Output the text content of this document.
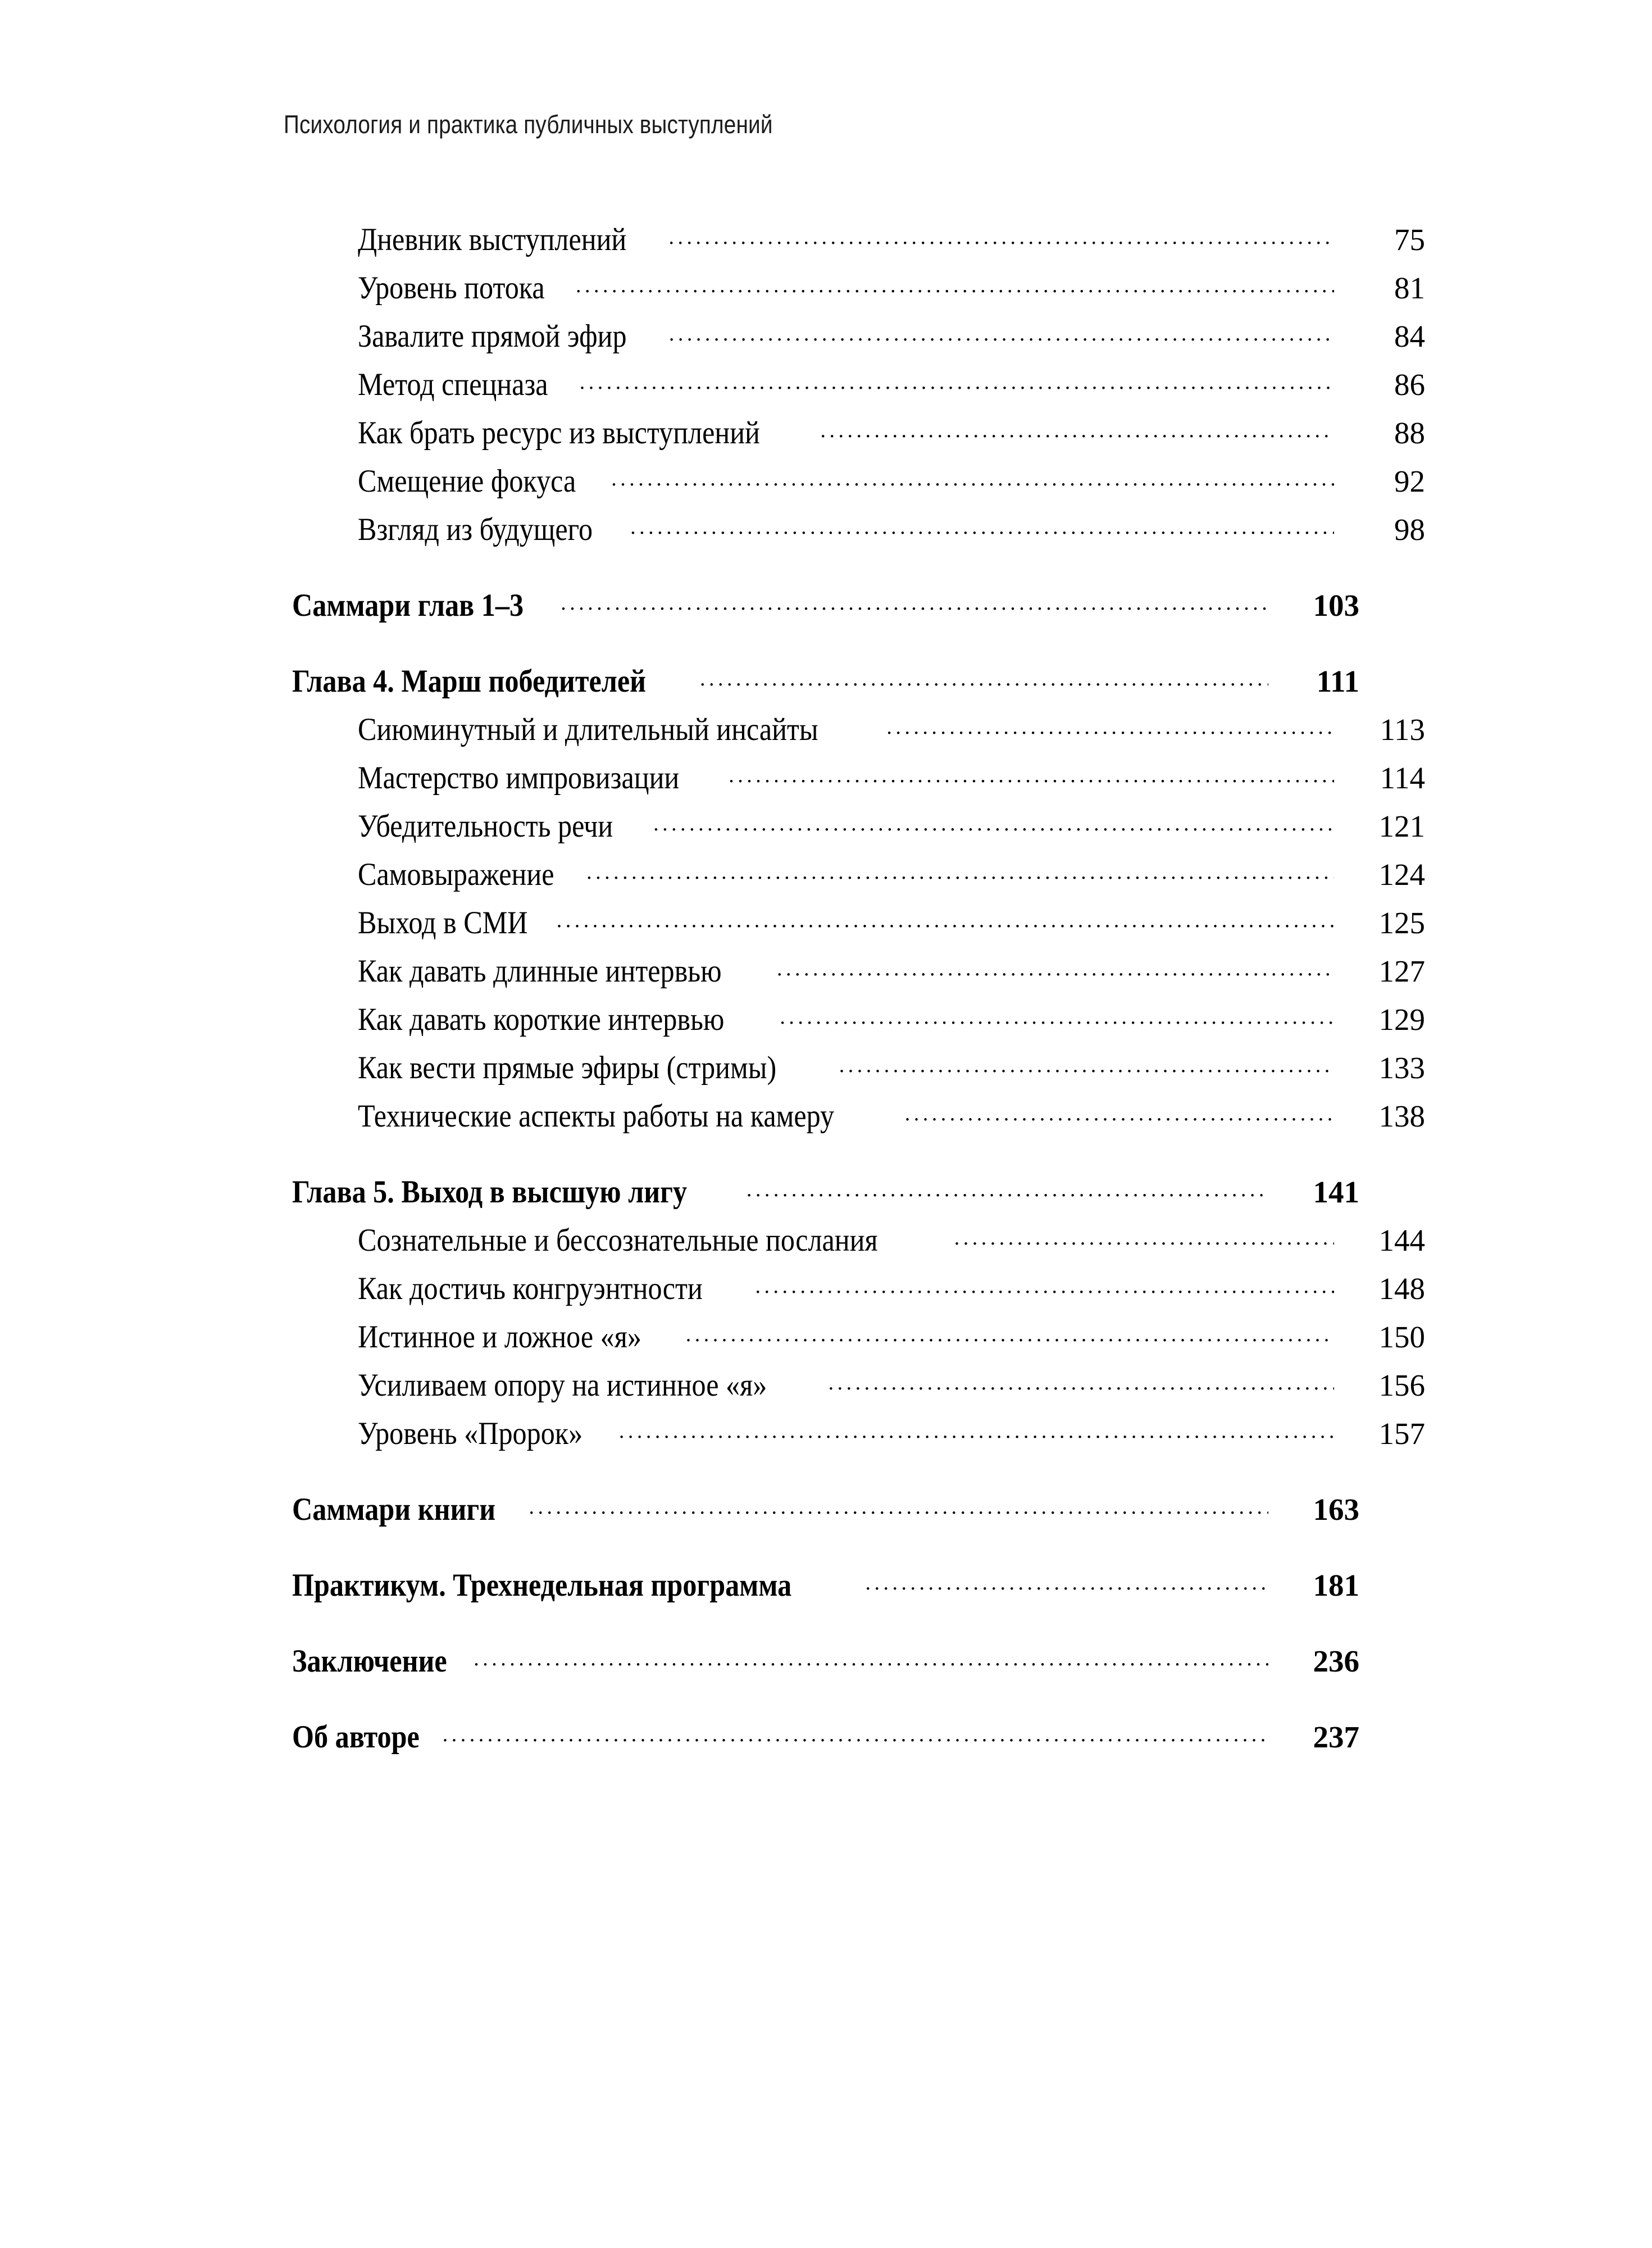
Психология и практика публичных выступлений
Дневник выступлений . . .	75
Уровень потока . . .	81
Завалите прямой эфир . . .	84
Метод спецназа . . .	86
Как брать ресурс из выступлений . . .	88
Смещение фокуса . . .	92
Взгляд из будущего . . .	98
Саммари глав 1–3 . . .	103
Глава 4. Марш победителей . . .	111
Сиюминутный и длительный инсайты . . .	113
Мастерство импровизации . . .	114
Убедительность речи . . .	121
Самовыражение . . .	124
Выход в СМИ . . .	125
Как давать длинные интервью . . .	127
Как давать короткие интервью . . .	129
Как вести прямые эфиры (стримы) . . .	133
Технические аспекты работы на камеру . . .	138
Глава 5. Выход в высшую лигу . . .	141
Сознательные и бессознательные послания . . .	144
Как достичь конгруэнтности . . .	148
Истинное и ложное «я» . . .	150
Усиливаем опору на истинное «я» . . .	156
Уровень «Пророк» . . .	157
Саммари книги . . .	163
Практикум. Трехнедельная программа . . .	181
Заключение . . .	236
Об авторе . . .	237
